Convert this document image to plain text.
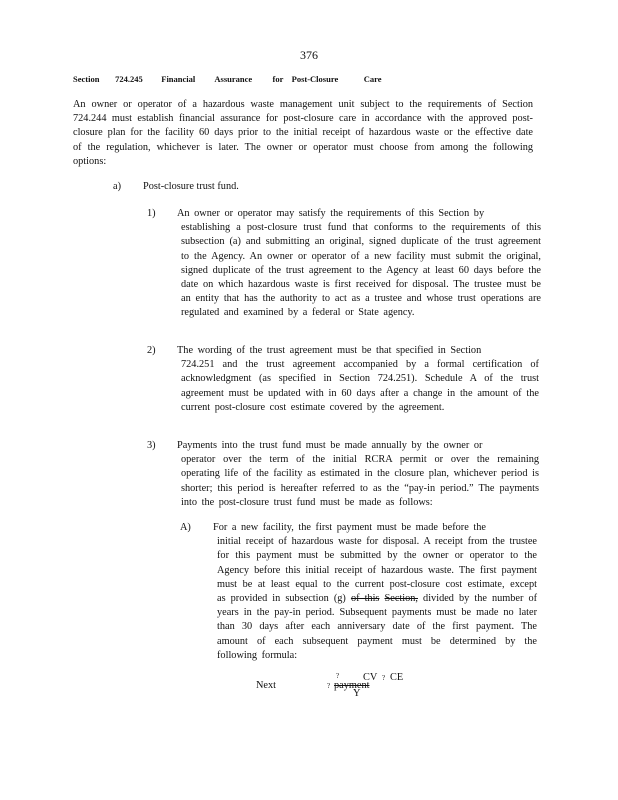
376
Section 724.245 Financial Assurance for Post-Closure	Care
An owner or operator of a hazardous waste management unit subject to the requirements of Section 724.244 must establish financial assurance for post-closure care in accordance with the approved post-closure plan for the facility 60 days prior to the initial receipt of hazardous waste or the effective date of the regulation, whichever is later. The owner or operator must choose from among the following options:
a) Post-closure trust fund.
1) An owner or operator may satisfy the requirements of this Section by
establishing a post-closure trust fund that conforms to the requirements of this subsection (a) and submitting an original, signed duplicate of the trust agreement to the Agency. An owner or operator of a new facility must submit the original, signed duplicate of the trust agreement to the Agency at least 60 days before the date on which hazardous waste is first received for disposal. The trustee must be an entity that has the authority to act as a trustee and whose trust operations are regulated and examined by a federal or State agency.
2) The wording of the trust agreement must be that specified in Section
724.251 and the trust agreement accompanied by a formal certification of acknowledgment (as specified in Section 724.251). Schedule A of the trust agreement must be updated with in 60 days after a change in the amount of the current post-closure cost estimate covered by the agreement.
3) Payments into the trust fund must be made annually by the owner or
operator over the term of the initial RCRA permit or over the remaining operating life of the facility as estimated in the closure plan, whichever period is shorter; this period is hereafter referred to as the “pay-in period.” The payments into the post-closure trust fund must be made as follows:
A) For a new facility, the first payment must be made before the
initial receipt of hazardous waste for disposal. A receipt from the trustee for this payment must be submitted by the owner or operator to the Agency before this initial receipt of hazardous waste. The first payment must be at least equal to the current post-closure cost estimate, except as provided in subsection (g) of this Section, divided by the number of years in the pay-in period. Subsequent payments must be made no later than 30 days after each anniversary date of the first payment. The amount of each subsequent payment must be determined by the following formula:
Next	?
?
payment
CV ? CE
Y
